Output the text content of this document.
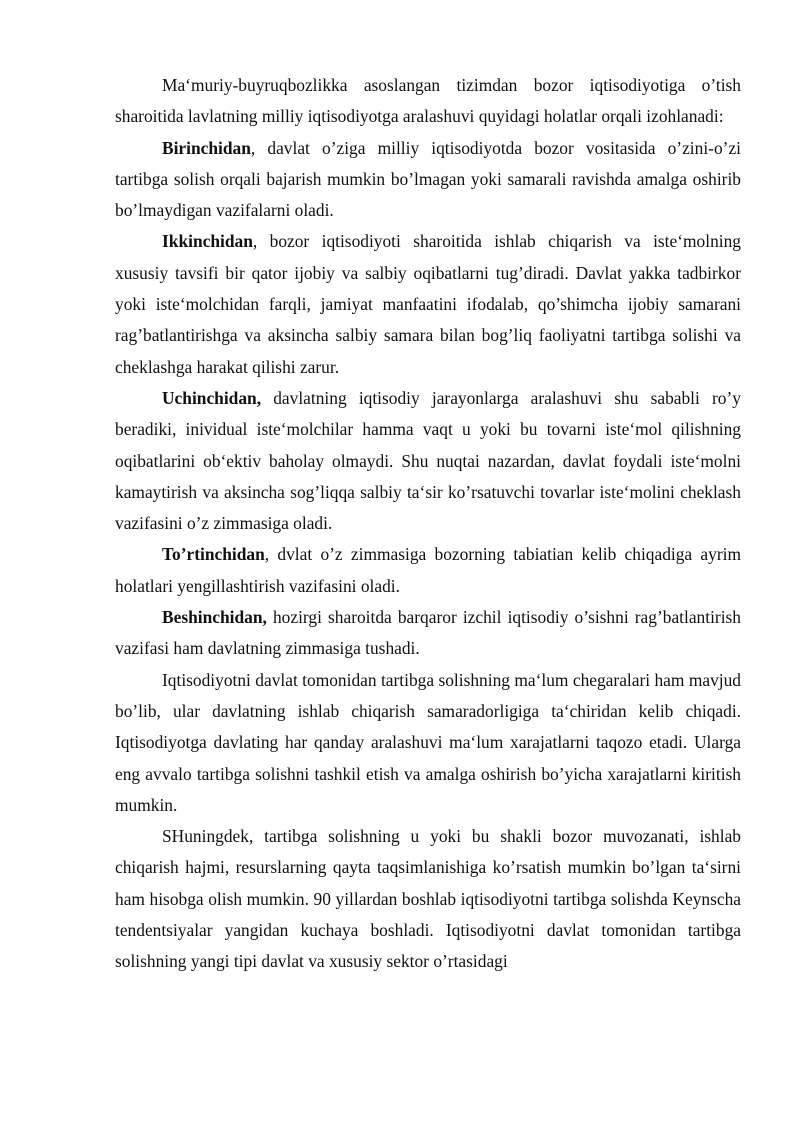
Ma‘muriy-buyruqbozlikka asoslangan tizimdan bozor iqtisodiyotiga o’tish sharoitida lavlatning milliy iqtisodiyotga aralashuvi quyidagi holatlar orqali izohlanadi:

Birinchidan, davlat o’ziga milliy iqtisodiyotda bozor vositasida o’zini-o’zi tartibga solish orqali bajarish mumkin bo’lmagan yoki samarali ravishda amalga oshirib bo’lmaydigan vazifalarni oladi.

Ikkinchidan, bozor iqtisodiyoti sharoitida ishlab chiqarish va iste‘molning xususiy tavsifi bir qator ijobiy va salbiy oqibatlarni tug’diradi. Davlat yakka tadbirkor yoki iste‘molchidan farqli, jamiyat manfaatini ifodalab, qo’shimcha ijobiy samarani rag’batlantirishga va aksincha salbiy samara bilan bog’liq faoliyatni tartibga solishi va cheklashga harakat qilishi zarur.

Uchinchidan, davlatning iqtisodiy jarayonlarga aralashuvi shu sababli ro’y beradiki, inividual iste‘molchilar hamma vaqt u yoki bu tovarni iste‘mol qilishning oqibatlarini ob‘ektiv baholay olmaydi. Shu nuqtai nazardan, davlat foydali iste‘molni kamaytirish va aksincha sog’liqqa salbiy ta‘sir ko’rsatuvchi tovarlar iste‘molini cheklash vazifasini o’z zimmasiga oladi.

To’rtinchidan, dvlat o’z zimmasiga bozorning tabiatian kelib chiqadiga ayrim holatlari yengillashtirish vazifasini oladi.

Beshinchidan, hozirgi sharoitda barqaror izchil iqtisodiy o’sishni rag’batlantirish vazifasi ham davlatning zimmasiga tushadi.

Iqtisodiyotni davlat tomonidan tartibga solishning ma‘lum chegaralari ham mavjud bo’lib, ular davlatning ishlab chiqarish samaradorligiga ta‘chiridan kelib chiqadi. Iqtisodiyotga davlating har qanday aralashuvi ma‘lum xarajatlarni taqozo etadi. Ularga eng avvalo tartibga solishni tashkil etish va amalga oshirish bo’yicha xarajatlarni kiritish mumkin.

SHuningdek, tartibga solishning u yoki bu shakli bozor muvozanati, ishlab chiqarish hajmi, resurslarning qayta taqsimlanishiga ko’rsatish mumkin bo’lgan ta‘sirni ham hisobga olish mumkin. 90 yillardan boshlab iqtisodiyotni tartibga solishda Keynscha tendentsiyalar yangidan kuchaya boshladi. Iqtisodiyotni davlat tomonidan tartibga solishning yangi tipi davlat va xususiy sektor o’rtasidagi
